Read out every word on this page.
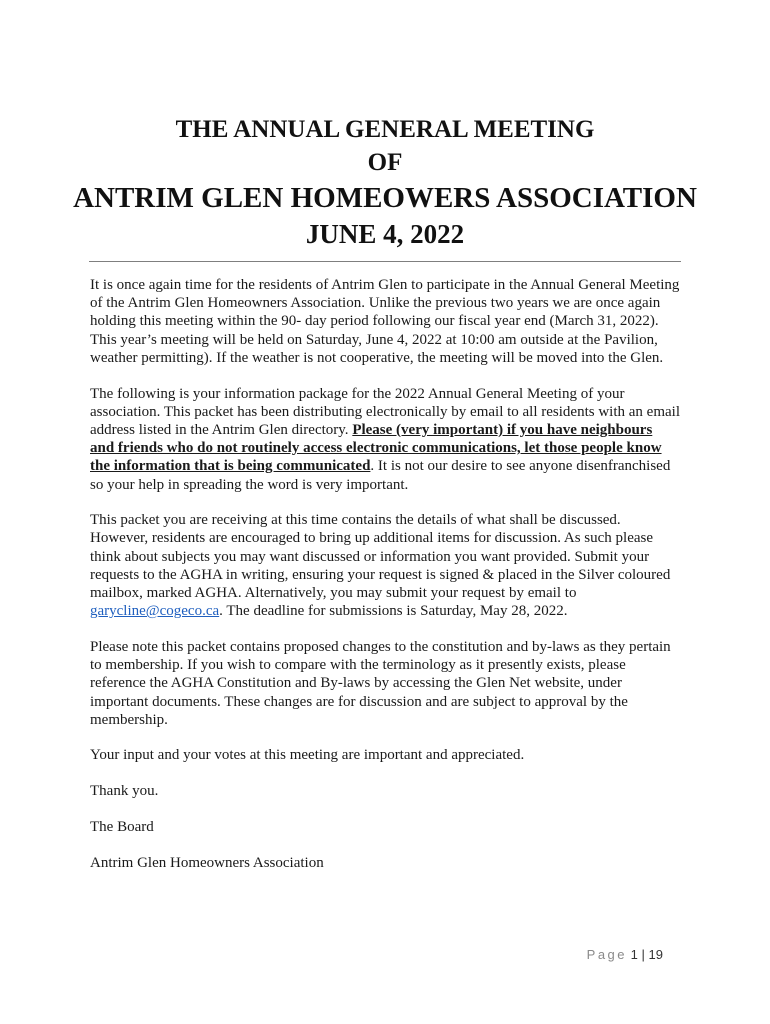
THE ANNUAL GENERAL MEETING
OF
ANTRIM GLEN HOMEOWERS ASSOCIATION
JUNE 4, 2022

It is once again time for the residents of Antrim Glen to participate in the Annual General Meeting of the Antrim Glen Homeowners Association. Unlike the previous two years we are once again holding this meeting within the 90- day period following our fiscal year end (March 31, 2022). This year’s meeting will be held on Saturday, June 4, 2022 at 10:00 am outside at the Pavilion, weather permitting). If the weather is not cooperative, the meeting will be moved into the Glen.

The following is your information package for the 2022 Annual General Meeting of your association. This packet has been distributing electronically by email to all residents with an email address listed in the Antrim Glen directory. Please (very important) if you have neighbours and friends who do not routinely access electronic communications, let those people know the information that is being communicated. It is not our desire to see anyone disenfranchised so your help in spreading the word is very important.

This packet you are receiving at this time contains the details of what shall be discussed. However, residents are encouraged to bring up additional items for discussion. As such please think about subjects you may want discussed or information you want provided. Submit your requests to the AGHA in writing, ensuring your request is signed & placed in the Silver coloured mailbox, marked AGHA. Alternatively, you may submit your request by email to garycline@cogeco.ca. The deadline for submissions is Saturday, May 28, 2022.

Please note this packet contains proposed changes to the constitution and by-laws as they pertain to membership. If you wish to compare with the terminology as it presently exists, please reference the AGHA Constitution and By-laws by accessing the Glen Net website, under important documents. These changes are for discussion and are subject to approval by the membership.

Your input and your votes at this meeting are important and appreciated.

Thank you.

The Board

Antrim Glen Homeowners Association

Page 1 | 19
